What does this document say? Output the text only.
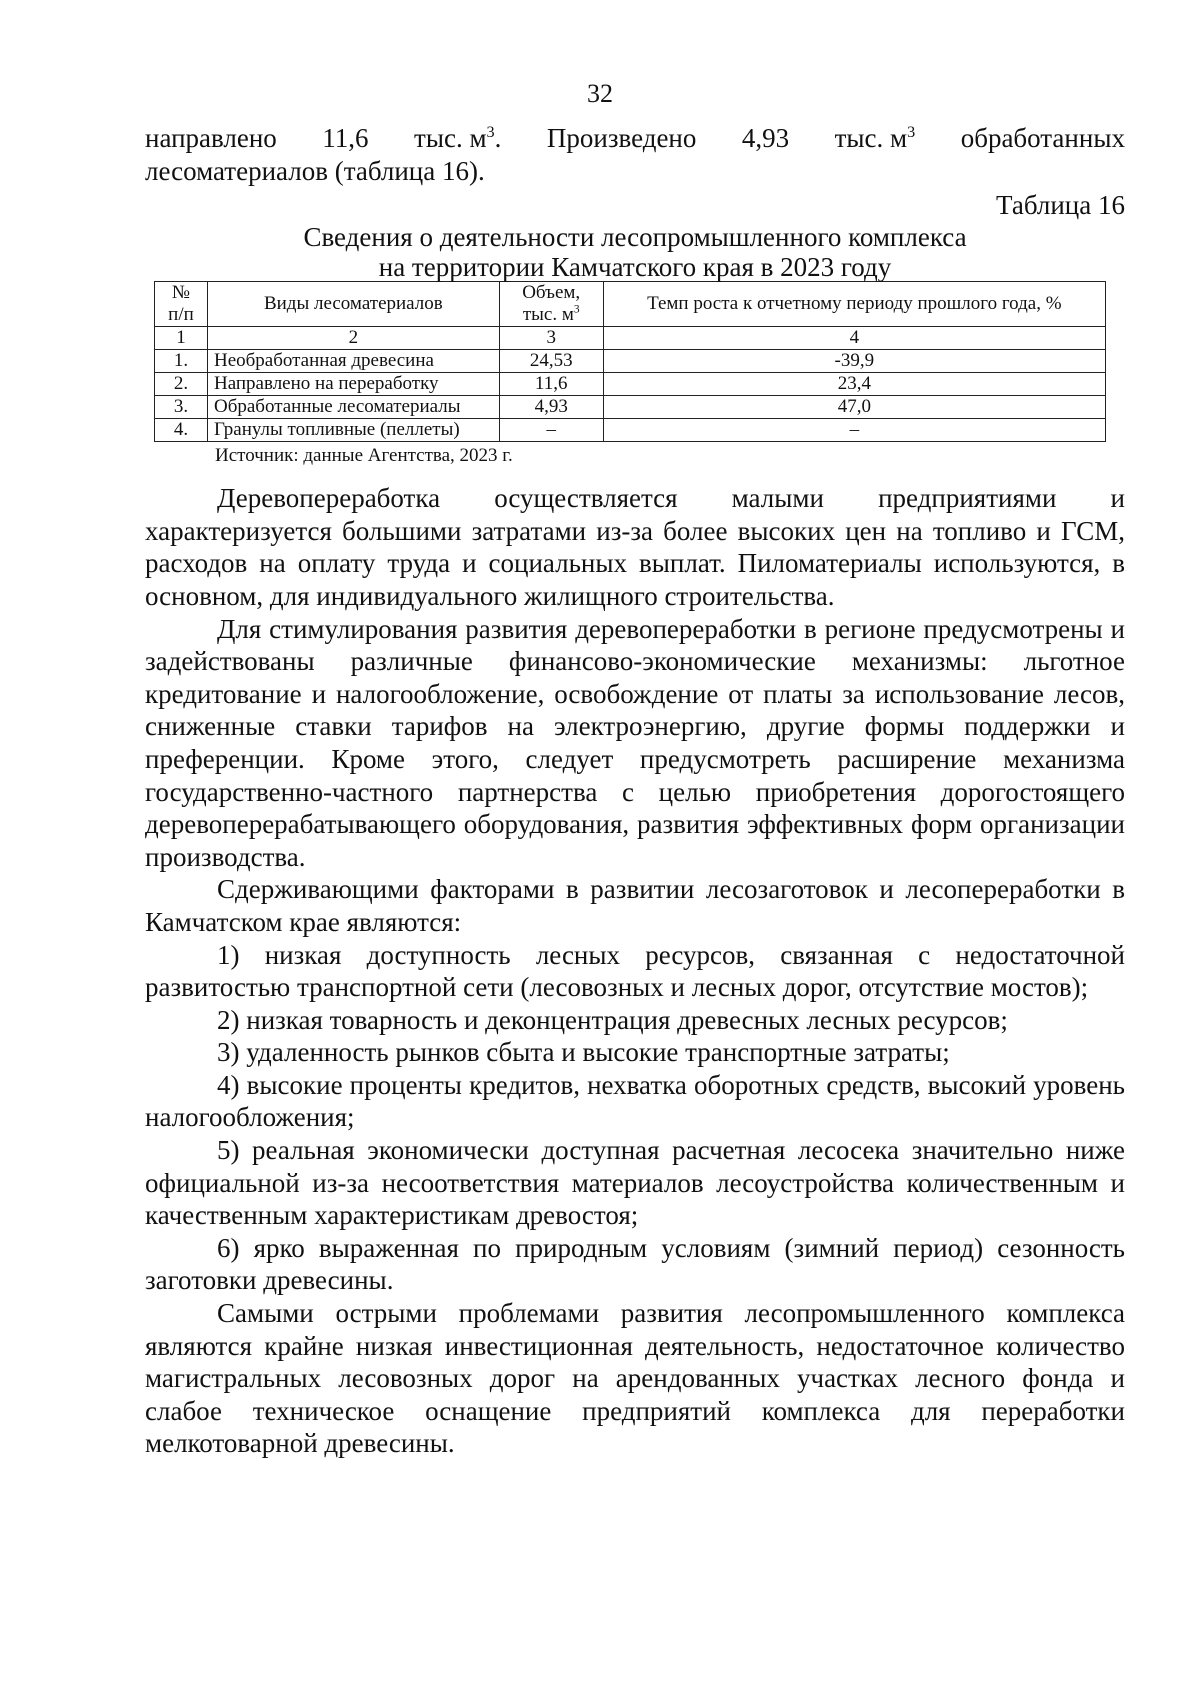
32

направлено 11,6 тыс. $м^3$. Произведено 4,93 тыс. $м^3$ обработанных

лесоматериалов (таблица 16).

Таблица 16

Сведения о деятельности лесопромышленного комплекса

на территории Камчатского края в 2023 году

№ п/п	Виды лесоматериалов	Объем, тыс. $м^3$	Темп роста к отчетному периоду прошлого года, %
1	2	3	4
1.	Необработанная древесина	24,53	-39,9
2.	Направлено на переработку	11,6	23,4
3.	Обработанные лесоматериалы	4,93	47,0
4.	Гранулы топливные (пеллеты)	–	–

Источник: данные Агентства, 2023 г.

Деревопереработка осуществляется малыми предприятиями и характеризуется большими затратами из-за более высоких цен на топливо и ГСМ, расходов на оплату труда и социальных выплат. Пиломатериалы используются, в основном, для индивидуального жилищного строительства.

Для стимулирования развития деревопереработки в регионе предусмотрены и задействованы различные финансово-экономические механизмы: льготное кредитование и налогообложение, освобождение от платы за использование лесов, сниженные ставки тарифов на электроэнергию, другие формы поддержки и преференции. Кроме этого, следует предусмотреть расширение механизма государственно-частного партнерства с целью приобретения дорогостоящего деревоперерабатывающего оборудования, развития эффективных форм организации производства.

Сдерживающими факторами в развитии лесозаготовок и лесопереработки в Камчатском крае являются:

1) низкая доступность лесных ресурсов, связанная с недостаточной развитостью транспортной сети (лесовозных и лесных дорог, отсутствие мостов);

2) низкая товарность и деконцентрация древесных лесных ресурсов;

3) удаленность рынков сбыта и высокие транспортные затраты;

4) высокие проценты кредитов, нехватка оборотных средств, высокий уровень налогообложения;

5) реальная экономически доступная расчетная лесосека значительно ниже официальной из-за несоответствия материалов лесоустройства количественным и качественным характеристикам древостоя;

6) ярко выраженная по природным условиям (зимний период) сезонность заготовки древесины.

Самыми острыми проблемами развития лесопромышленного комплекса являются крайне низкая инвестиционная деятельность, недостаточное количество магистральных лесовозных дорог на арендованных участках лесного фонда и слабое техническое оснащение предприятий комплекса для переработки мелкотоварной древесины.
